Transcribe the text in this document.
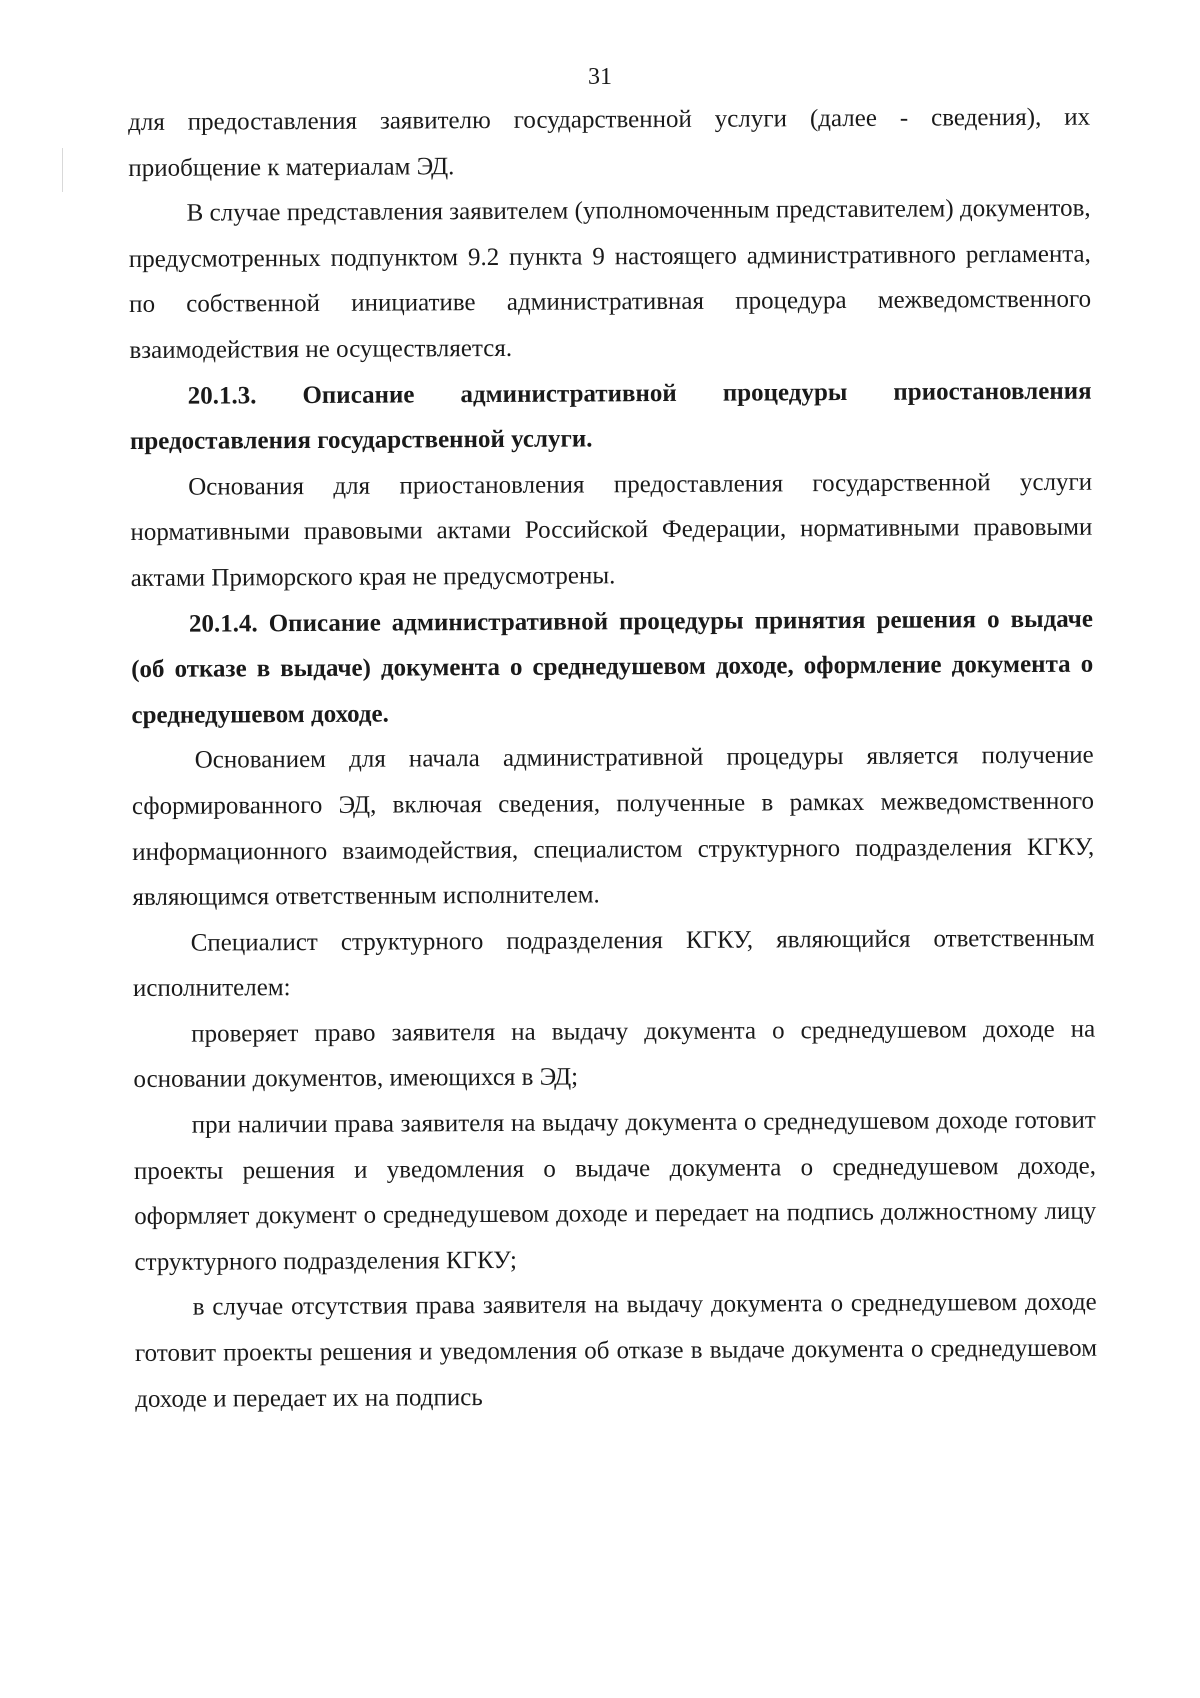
31

для предоставления заявителю государственной услуги (далее - сведения), их приобщение к материалам ЭД.

В случае представления заявителем (уполномоченным представителем) документов, предусмотренных подпунктом 9.2 пункта 9 настоящего административного регламента, по собственной инициативе административная процедура межведомственного взаимодействия не осуществляется.

20.1.3. Описание административной процедуры приостановления предоставления государственной услуги.

Основания для приостановления предоставления государственной услуги нормативными правовыми актами Российской Федерации, нормативными правовыми актами Приморского края не предусмотрены.

20.1.4. Описание административной процедуры принятия решения о выдаче (об отказе в выдаче) документа о среднедушевом доходе, оформление документа о среднедушевом доходе.

Основанием для начала административной процедуры является получение сформированного ЭД, включая сведения, полученные в рамках межведомственного информационного взаимодействия, специалистом структурного подразделения КГКУ, являющимся ответственным исполнителем.

Специалист структурного подразделения КГКУ, являющийся ответственным исполнителем:

проверяет право заявителя на выдачу документа о среднедушевом доходе на основании документов, имеющихся в ЭД;

при наличии права заявителя на выдачу документа о среднедушевом доходе готовит проекты решения и уведомления о выдаче документа о среднедушевом доходе, оформляет документ о среднедушевом доходе и передает на подпись должностному лицу структурного подразделения КГКУ;

в случае отсутствия права заявителя на выдачу документа о среднедушевом доходе готовит проекты решения и уведомления об отказе в выдаче документа о среднедушевом доходе и передает их на подпись
